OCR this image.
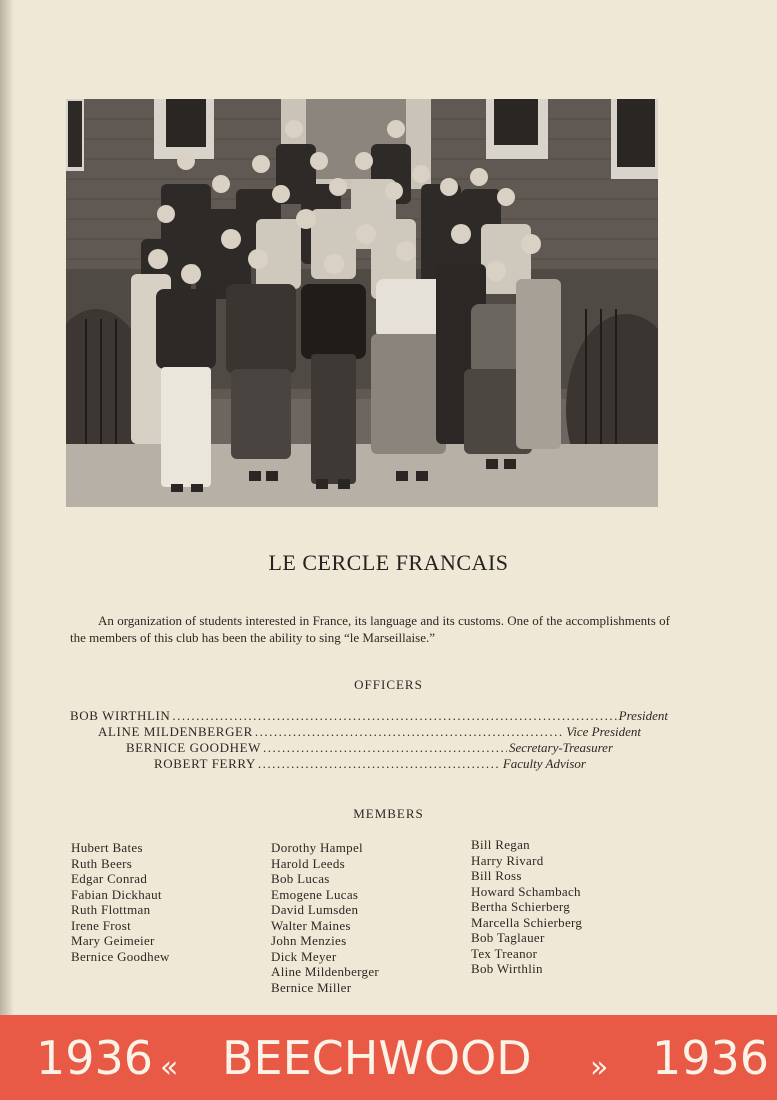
LE CERCLE FRANCAIS
An organization of students interested in France, its language and its customs. One of the accomplishments of the members of this club has been the ability to sing “le Marseillaise.”
OFFICERS
BOB WIRTHLIN .....	President
ALINE MILDENBERGER .....	Vice President
BERNICE GOODHEW .....	Secretary-Treasurer
ROBERT FERRY .....	Faculty Advisor
MEMBERS
Hubert Bates
Ruth Beers
Edgar Conrad
Fabian Dickhaut
Ruth Flottman
Irene Frost
Mary Geimeier
Bernice Goodhew
Dorothy Hampel
Harold Leeds
Bob Lucas
Emogene Lucas
David Lumsden
Walter Maines
John Menzies
Dick Meyer
Aline Mildenberger
Bernice Miller
Bill Regan
Harry Rivard
Bill Ross
Howard Schambach
Bertha Schierberg
Marcella Schierberg
Bob Taglauer
Tex Treanor
Bob Wirthlin
1936 « BEECHWOOD » 1936
